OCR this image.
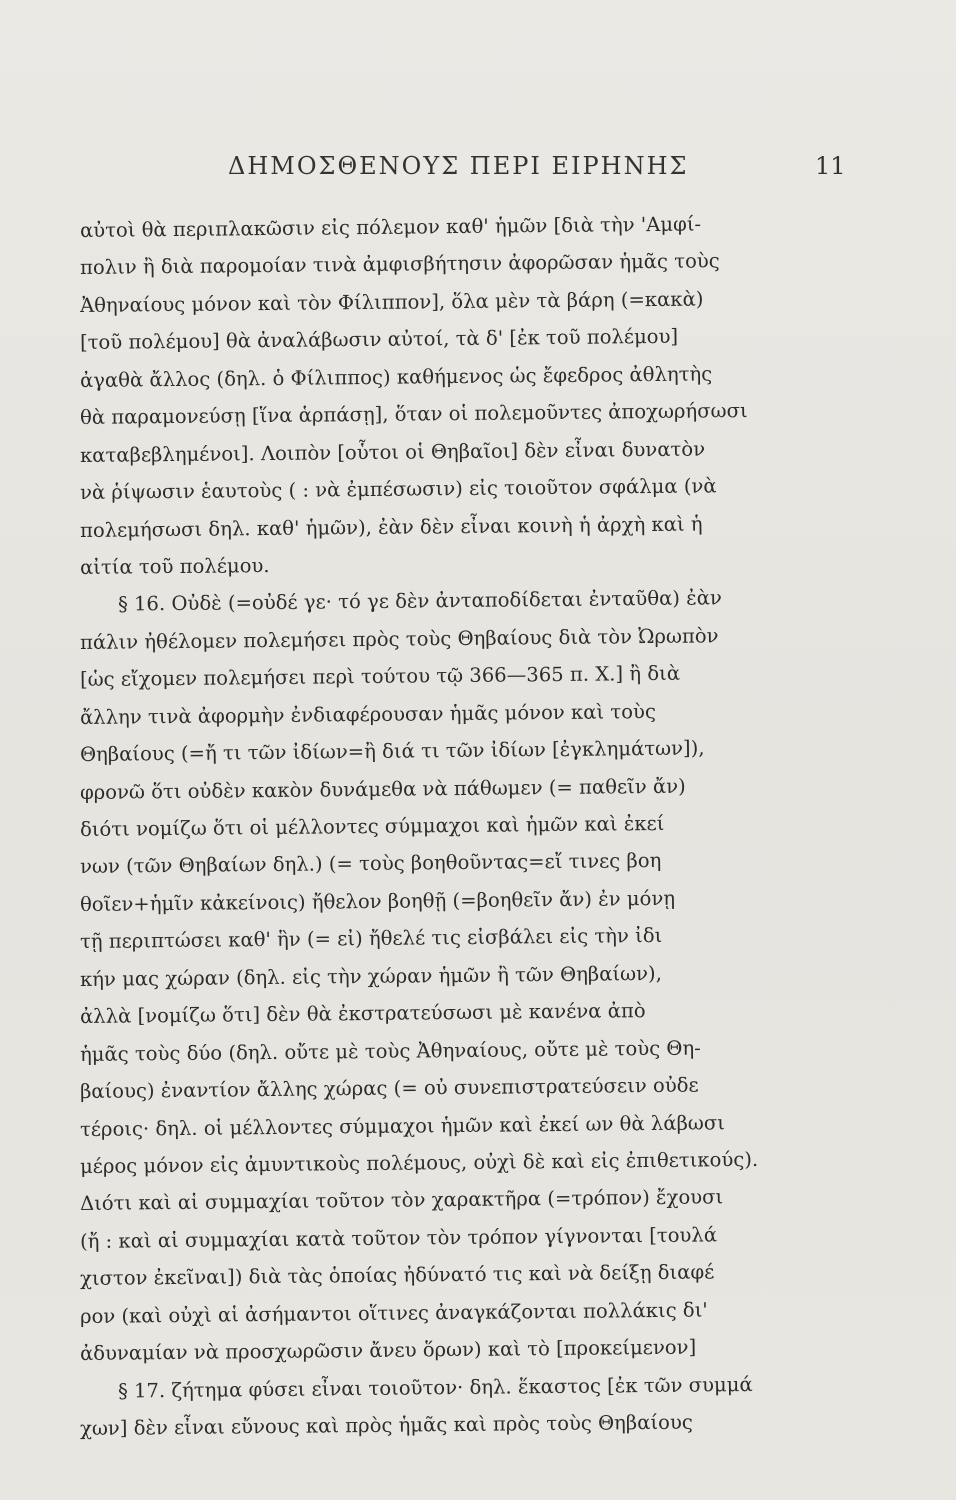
ΔΗΜΟΣΘΕΝΟΥΣ ΠΕΡΙ ΕΙΡΗΝΗΣ	11
αὐτοὶ θὰ περιπλακῶσιν εἰς πόλεμον καθ' ἡμῶν [διὰ τὴν 'Αμφί-
πολιν ἢ διὰ παρομοίαν τινὰ ἀμφισβήτησιν ἀφορῶσαν ἡμᾶς τοὺς
Ἀθηναίους μόνον καὶ τὸν Φίλιππον], ὅλα μὲν τὰ βάρη (=κακὰ)
[τοῦ πολέμου] θὰ ἀναλάβωσιν αὐτοί, τὰ δ' [ἐκ τοῦ πολέμου]
ἀγαθὰ ἄλλος (δηλ. ὁ Φίλιππος) καθήμενος ὡς ἔφεδρος ἀθλητὴς
θὰ παραμονεύσῃ [ἵνα ἁρπάσῃ], ὅταν οἱ πολεμοῦντες ἀποχωρήσωσι
καταβεβλημένοι]. Λοιπὸν [οὗτοι οἱ Θηβαῖοι] δὲν εἶναι δυνατὸν
νὰ ῥίψωσιν ἑαυτοὺς ( : νὰ ἐμπέσωσιν) εἰς τοιοῦτον σφάλμα (νὰ
πολεμήσωσι δηλ. καθ' ἡμῶν), ἐὰν δὲν εἶναι κοινὴ ἡ ἀρχὴ καὶ ἡ
αἰτία τοῦ πολέμου.
§ 16. Οὐδὲ (=οὐδέ γε· τό γε δὲν ἀνταποδίδεται ἐνταῦθα) ἐὰν
πάλιν ἠθέλομεν πολεμήσει πρὸς τοὺς Θηβαίους διὰ τὸν Ὠρωπὸν
[ὡς εἴχομεν πολεμήσει περὶ τούτου τῷ 366—365 π. Χ.] ἢ διὰ
ἄλλην τινὰ ἀφορμὴν ἐνδιαφέρουσαν ἡμᾶς μόνον καὶ τοὺς
Θηβαίους (=ἤ τι τῶν ἰδίων=ἢ διά τι τῶν ἰδίων [ἐγκλημάτων]),
φρονῶ ὅτι οὐδὲν κακὸν δυνάμεθα νὰ πάθωμεν (= παθεῖν ἄν)
διότι νομίζω ὅτι οἱ μέλλοντες σύμμαχοι καὶ ἡμῶν καὶ ἐκεί
νων (τῶν Θηβαίων δηλ.) (= τοὺς βοηθοῦντας=εἴ τινες βοη
θοῖεν+ἡμῖν κἀκείνοις) ἤθελον βοηθῇ (=βοηθεῖν ἄν) ἐν μόνῃ
τῇ περιπτώσει καθ' ἣν (= εἰ) ἤθελέ τις εἰσβάλει εἰς τὴν ἰδι
κήν μας χώραν (δηλ. εἰς τὴν χώραν ἡμῶν ἢ τῶν Θηβαίων),
ἀλλὰ [νομίζω ὅτι] δὲν θὰ ἐκστρατεύσωσι μὲ κανένα ἀπὸ
ἡμᾶς τοὺς δύο (δηλ. οὔτε μὲ τοὺς Ἀθηναίους, οὔτε μὲ τοὺς Θη-
βαίους) ἐναντίον ἄλλης χώρας (= οὐ συνεπιστρατεύσειν οὐδε
τέροις· δηλ. οἱ μέλλοντες σύμμαχοι ἡμῶν καὶ ἐκεί ων θὰ λάβωσι
μέρος μόνον εἰς ἀμυντικοὺς πολέμους, οὐχὶ δὲ καὶ εἰς ἐπιθετικούς).
Διότι καὶ αἱ συμμαχίαι τοῦτον τὸν χαρακτῆρα (=τρόπον) ἔχουσι
(ἤ : καὶ αἱ συμμαχίαι κατὰ τοῦτον τὸν τρόπον γίγνονται [τουλά
χιστον ἐκεῖναι]) διὰ τὰς ὁποίας ἠδύνατό τις καὶ νὰ δείξῃ διαφέ
ρον (καὶ οὐχὶ αἱ ἀσήμαντοι οἵτινες ἀναγκάζονται πολλάκις δι'
ἀδυναμίαν νὰ προσχωρῶσιν ἄνευ ὅρων) καὶ τὸ [προκείμενον]
§ 17. ζήτημα φύσει εἶναι τοιοῦτον· δηλ. ἕκαστος [ἐκ τῶν συμμά
χων] δὲν εἶναι εὔνους καὶ πρὸς ἡμᾶς καὶ πρὸς τοὺς Θηβαίους
